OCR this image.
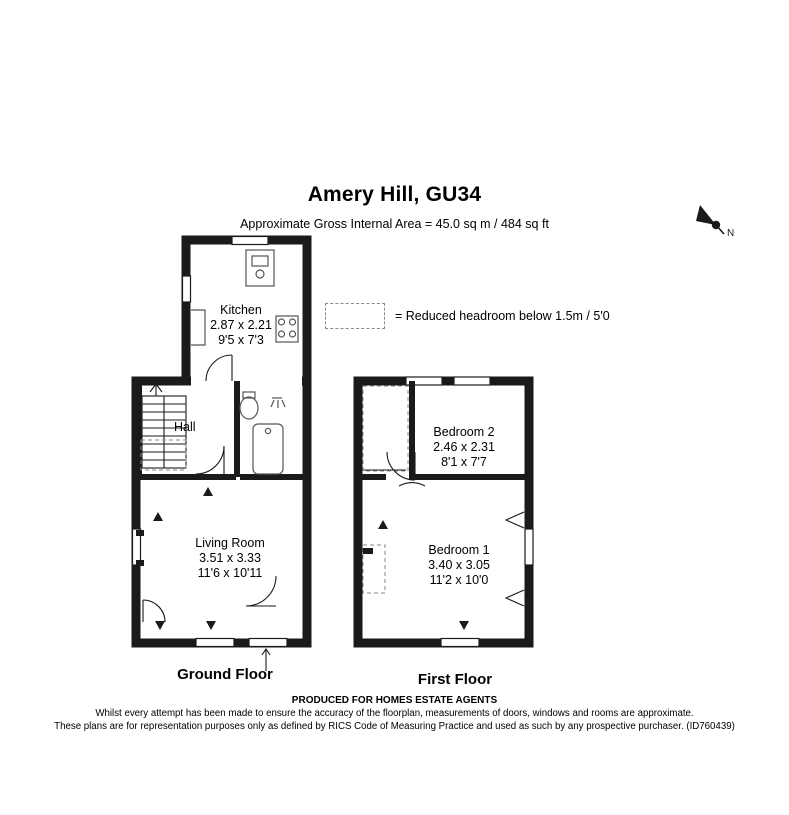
Amery Hill, GU34
Approximate Gross Internal Area = 45.0 sq m / 484 sq ft
N
= Reduced headroom below 1.5m / 5'0
Kitchen
2.87 x 2.21
9'5 x 7'3
Hall
Living Room
3.51 x 3.33
11'6 x 10'11
Bedroom 2
2.46 x 2.31
8'1 x 7'7
Bedroom 1
3.40 x 3.05
11'2 x 10'0
Ground Floor	First Floor
PRODUCED FOR HOMES ESTATE AGENTS
Whilst every attempt has been made to ensure the accuracy of the floorplan, measurements of doors, windows and rooms are approximate.
These plans are for representation purposes only as defined by RICS Code of Measuring Practice and used as such by any prospective purchaser. (ID760439)
